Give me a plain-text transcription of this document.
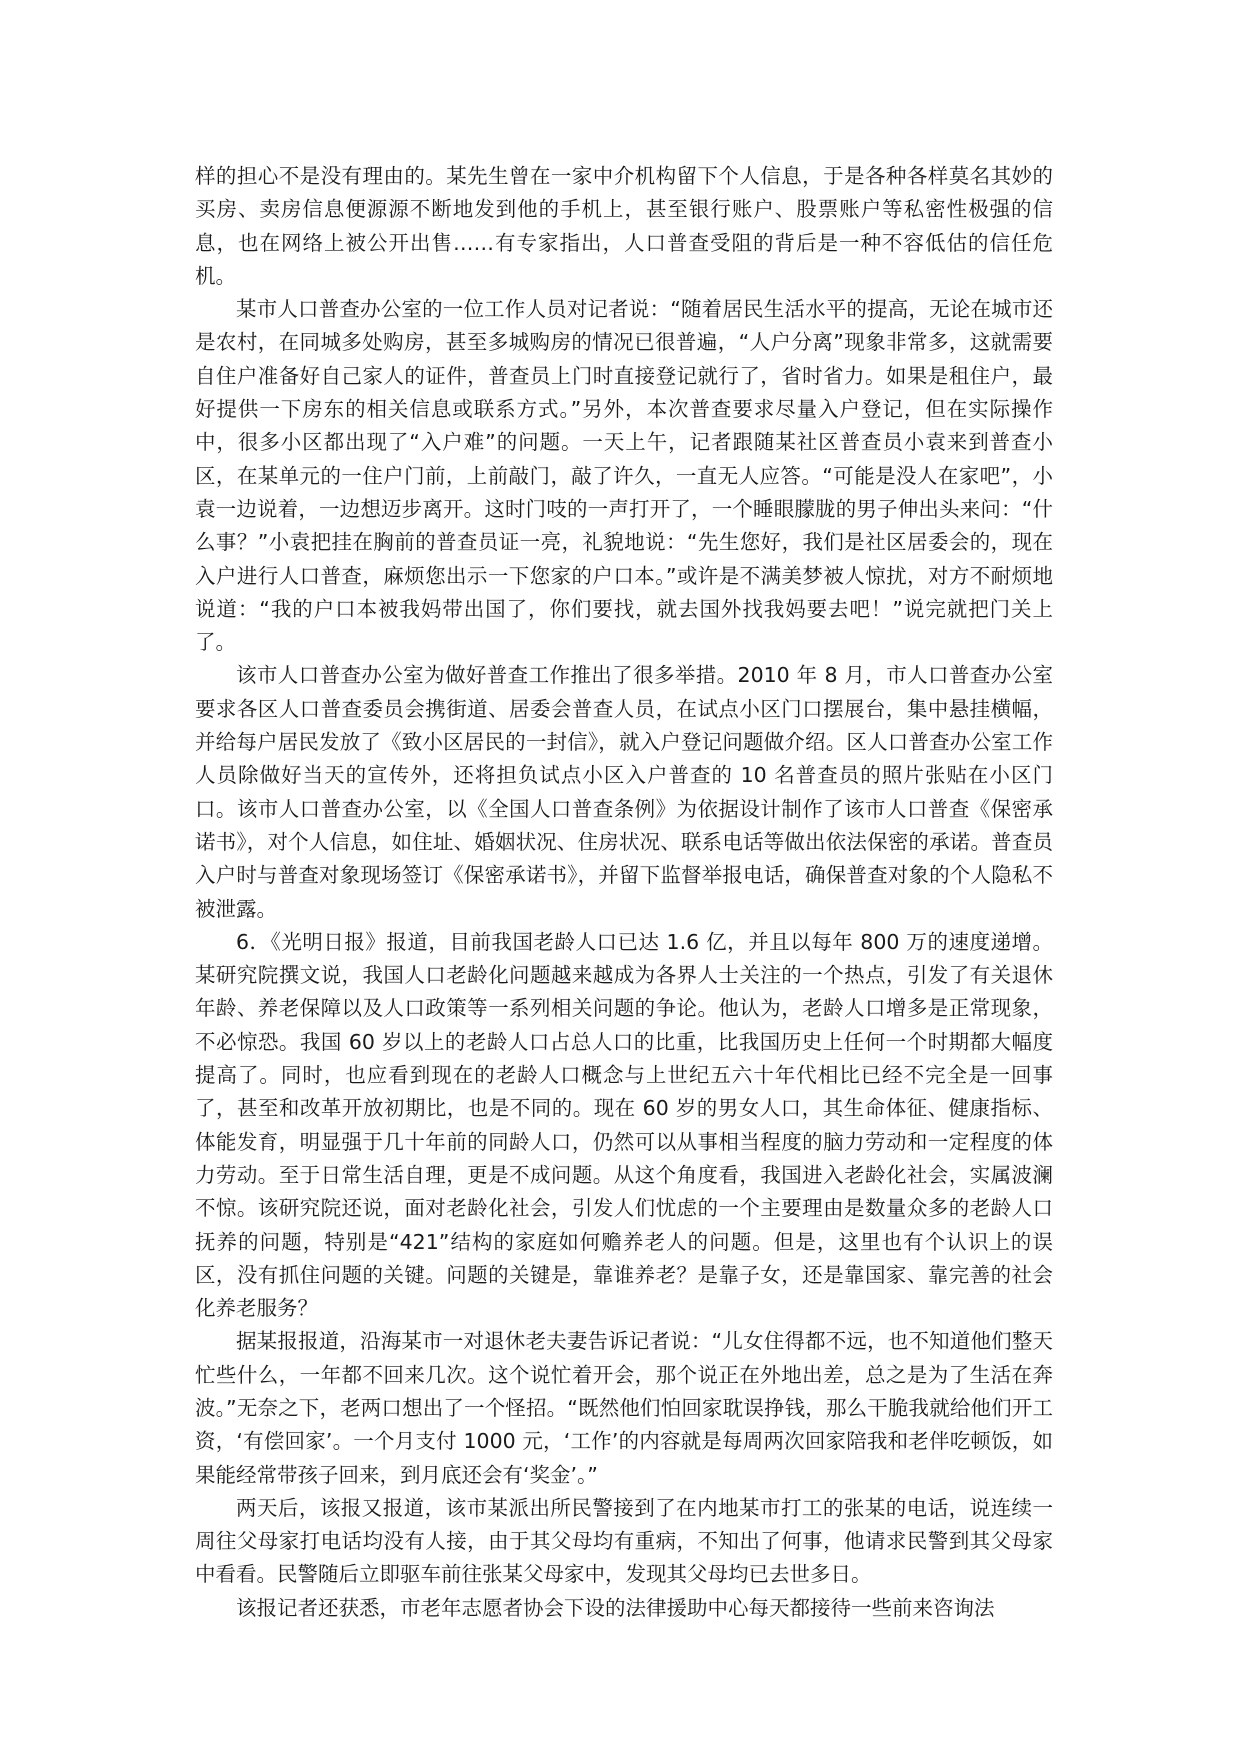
样的担心不是没有理由的。某先生曾在一家中介机构留下个人信息，于是各种各样莫名其妙的买房、卖房信息便源源不断地发到他的手机上，甚至银行账户、股票账户等私密性极强的信息，也在网络上被公开出售……有专家指出，人口普查受阻的背后是一种不容低估的信任危机。

某市人口普查办公室的一位工作人员对记者说：“随着居民生活水平的提高，无论在城市还是农村，在同城多处购房，甚至多城购房的情况已很普遍，“人户分离”现象非常多，这就需要自住户准备好自己家人的证件，普查员上门时直接登记就行了，省时省力。如果是租住户，最好提供一下房东的相关信息或联系方式。”另外，本次普查要求尽量入户登记，但在实际操作中，很多小区都出现了“入户难”的问题。一天上午，记者跟随某社区普查员小袁来到普查小区，在某单元的一住户门前，上前敲门，敲了许久，一直无人应答。“可能是没人在家吧”，小袁一边说着，一边想迈步离开。这时门吱的一声打开了，一个睡眼朦胧的男子伸出头来问：“什么事？”小袁把挂在胸前的普查员证一亮，礼貌地说：“先生您好，我们是社区居委会的，现在入户进行人口普查，麻烦您出示一下您家的户口本。”或许是不满美梦被人惊扰，对方不耐烦地说道：“我的户口本被我妈带出国了，你们要找，就去国外找我妈要去吧！”说完就把门关上了。

该市人口普查办公室为做好普查工作推出了很多举措。2010 年 8 月，市人口普查办公室要求各区人口普查委员会携街道、居委会普查人员，在试点小区门口摆展台，集中悬挂横幅，并给每户居民发放了《致小区居民的一封信》，就入户登记问题做介绍。区人口普查办公室工作人员除做好当天的宣传外，还将担负试点小区入户普查的 10 名普查员的照片张贴在小区门口。该市人口普查办公室，以《全国人口普查条例》为依据设计制作了该市人口普查《保密承诺书》，对个人信息，如住址、婚姻状况、住房状况、联系电话等做出依法保密的承诺。普查员入户时与普查对象现场签订《保密承诺书》，并留下监督举报电话，确保普查对象的个人隐私不被泄露。

6．《光明日报》报道，目前我国老龄人口已达 1.6 亿，并且以每年 800 万的速度递增。某研究院撰文说，我国人口老龄化问题越来越成为各界人士关注的一个热点，引发了有关退休年龄、养老保障以及人口政策等一系列相关问题的争论。他认为，老龄人口增多是正常现象，不必惊恐。我国 60 岁以上的老龄人口占总人口的比重，比我国历史上任何一个时期都大幅度提高了。同时，也应看到现在的老龄人口概念与上世纪五六十年代相比已经不完全是一回事了，甚至和改革开放初期比，也是不同的。现在 60 岁的男女人口，其生命体征、健康指标、体能发育，明显强于几十年前的同龄人口，仍然可以从事相当程度的脑力劳动和一定程度的体力劳动。至于日常生活自理，更是不成问题。从这个角度看，我国进入老龄化社会，实属波澜不惊。该研究院还说，面对老龄化社会，引发人们忧虑的一个主要理由是数量众多的老龄人口抚养的问题，特别是“421”结构的家庭如何赡养老人的问题。但是，这里也有个认识上的误区，没有抓住问题的关键。问题的关键是，靠谁养老？是靠子女，还是靠国家、靠完善的社会化养老服务？

据某报报道，沿海某市一对退休老夫妻告诉记者说：“儿女住得都不远，也不知道他们整天忙些什么，一年都不回来几次。这个说忙着开会，那个说正在外地出差，总之是为了生活在奔波。”无奈之下，老两口想出了一个怪招。“既然他们怕回家耽误挣钱，那么干脆我就给他们开工资，‘有偿回家’。一个月支付 1000 元，‘工作’的内容就是每周两次回家陪我和老伴吃顿饭，如果能经常带孩子回来，到月底还会有‘奖金’。”

两天后，该报又报道，该市某派出所民警接到了在内地某市打工的张某的电话，说连续一周往父母家打电话均没有人接，由于其父母均有重病，不知出了何事，他请求民警到其父母家中看看。民警随后立即驱车前往张某父母家中，发现其父母均已去世多日。

该报记者还获悉，市老年志愿者协会下设的法律援助中心每天都接待一些前来咨询法
